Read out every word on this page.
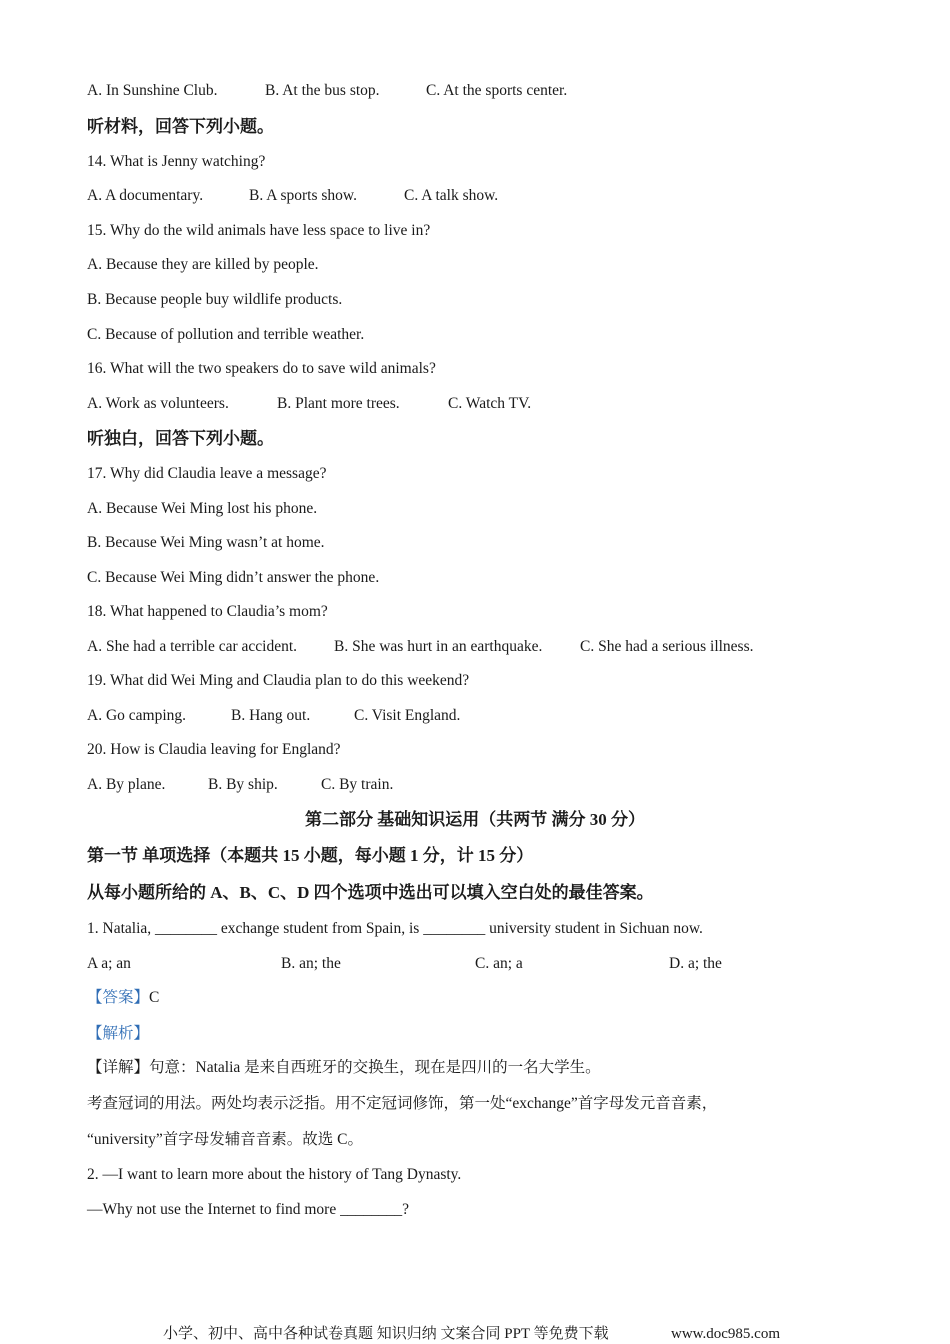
A. In Sunshine Club.	B. At the bus stop.	C. At the sports center.
听材料，回答下列小题。
14. What is Jenny watching?
A. A documentary.	B. A sports show.	C. A talk show.
15. Why do the wild animals have less space to live in?
A. Because they are killed by people.
B. Because people buy wildlife products.
C. Because of pollution and terrible weather.
16. What will the two speakers do to save wild animals?
A. Work as volunteers.	B. Plant more trees.	C. Watch TV.
听独白，回答下列小题。
17. Why did Claudia leave a message?
A. Because Wei Ming lost his phone.
B. Because Wei Ming wasn’t at home.
C. Because Wei Ming didn’t answer the phone.
18. What happened to Claudia’s mom?
A. She had a terrible car accident. B. She was hurt in an earthquake. C. She had a serious illness.
19. What did Wei Ming and Claudia plan to do this weekend?
A. Go camping.	B. Hang out.	C. Visit England.
20. How is Claudia leaving for England?
A. By plane.	B. By ship.	C. By train.
第二部分 基础知识运用（共两节 满分 30 分）
第一节 单项选择（本题共 15 小题，每小题 1 分，计 15 分）
从每小题所给的 A、B、C、D 四个选项中选出可以填入空白处的最佳答案。
1. Natalia, ________ exchange student from Spain, is ________ university student in Sichuan now.
A a; an	B. an; the	C. an; a	D. a; the
【答案】C
【解析】
【详解】句意：Natalia 是来自西班牙的交换生，现在是四川的一名大学生。
考查冠词的用法。两处均表示泛指。用不定冠词修饰，第一处“exchange”首字母发元音音素，
“university”首字母发辅音音素。故选 C。
2. —I want to learn more about the history of Tang Dynasty.
—Why not use the Internet to find more ________?
小学、初中、高中各种试卷真题 知识归纳 文案合同 PPT 等免费下载	www.doc985.com
